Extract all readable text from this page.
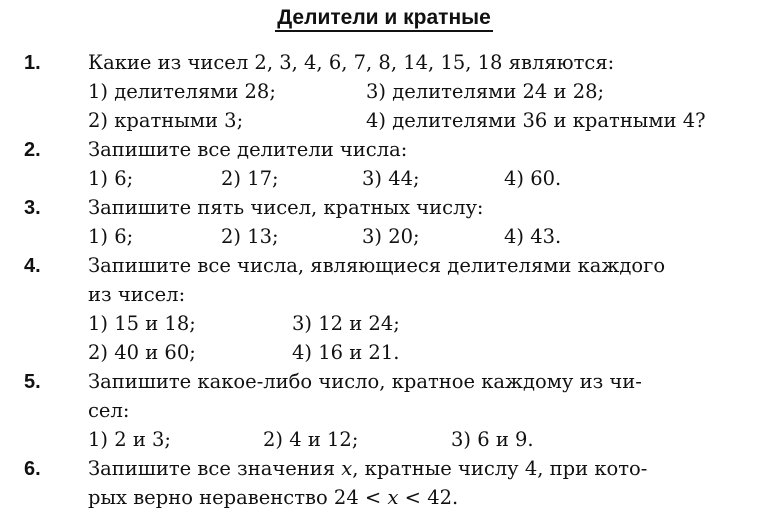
Делители и кратные
1. Какие из чисел 2, 3, 4, 6, 7, 8, 14, 15, 18 являются:
1) делителями 28;	3) делителями 24 и 28;
2) кратными 3;	4) делителями 36 и кратными 4?
2. Запишите все делители числа:
1) 6;	2) 17;	3) 44;	4) 60.
3. Запишите пять чисел, кратных числу:
1) 6;	2) 13;	3) 20;	4) 43.
4. Запишите все числа, являющиеся делителями каждого
из чисел:
1) 15 и 18;	3) 12 и 24;
2) 40 и 60;	4) 16 и 21.
5. Запишите какое-либо число, кратное каждому из чи-
сел:
1) 2 и 3;	2) 4 и 12;	3) 6 и 9.
6. Запишите все значения x, кратные числу 4, при кото-
рых верно неравенство 24 < x < 42.
